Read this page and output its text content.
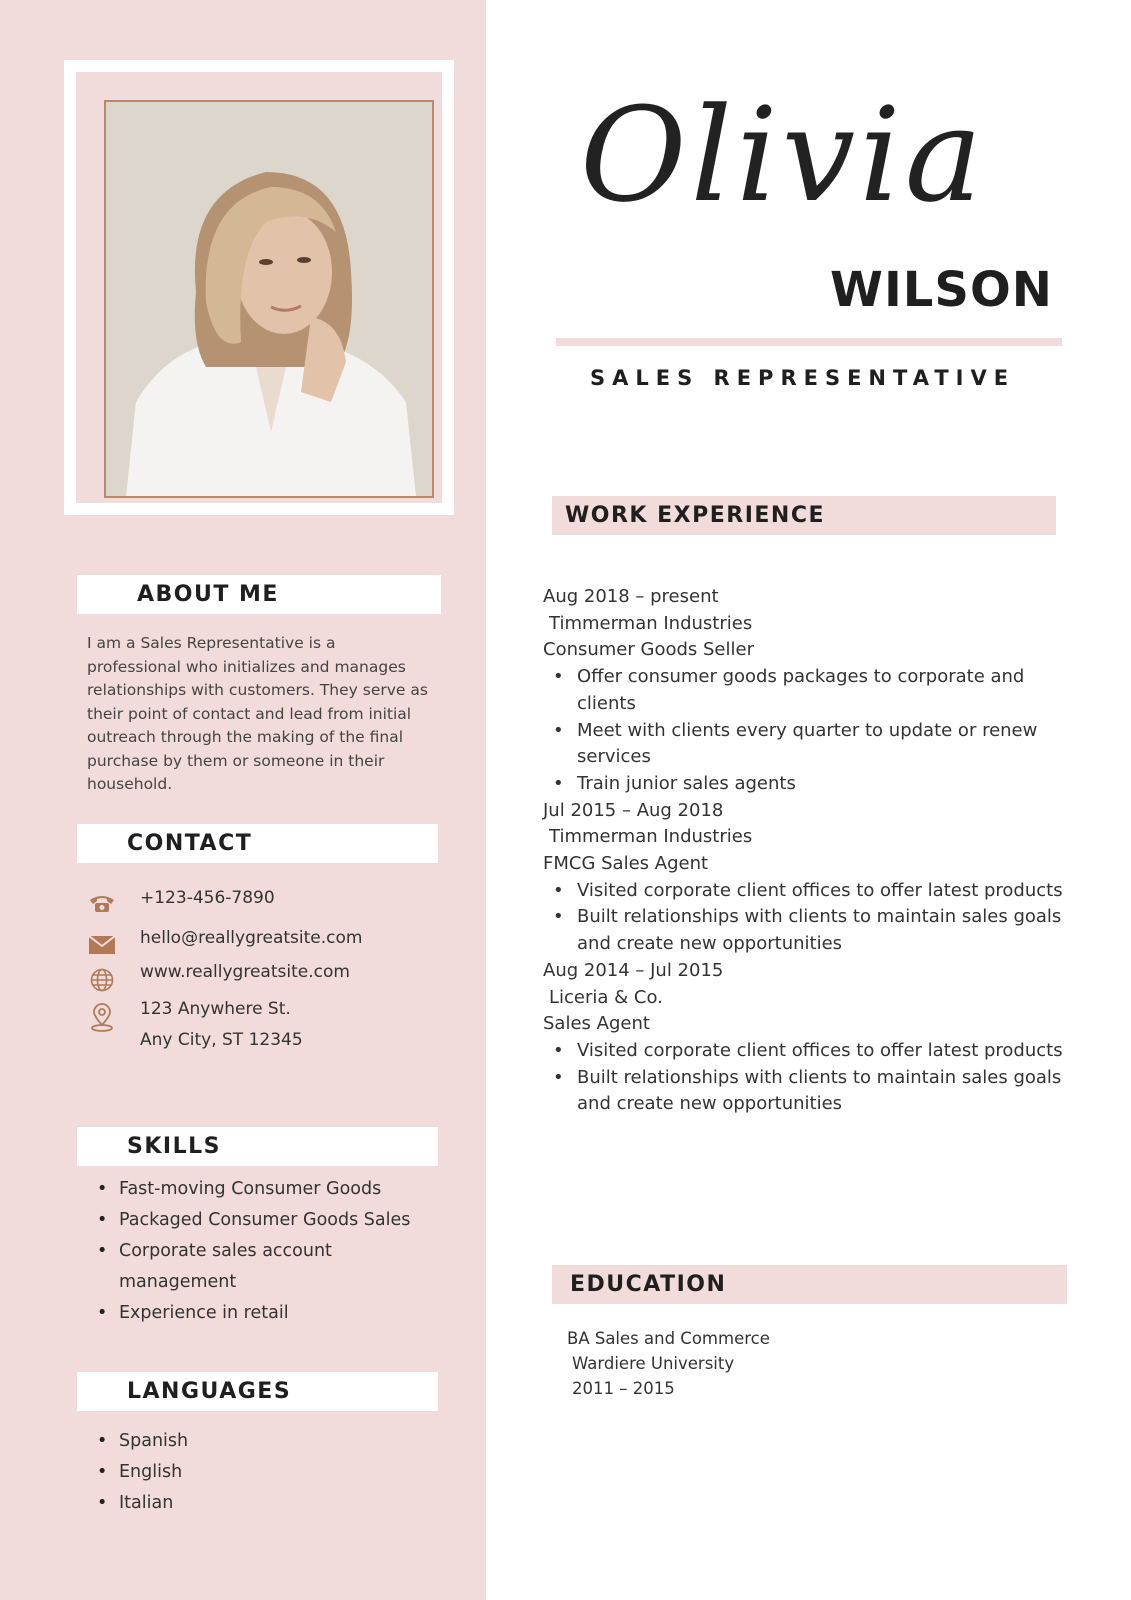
ABOUT ME
I am a Sales Representative is a professional who initializes and manages relationships with customers. They serve as their point of contact and lead from initial outreach through the making of the final purchase by them or someone in their household.
CONTACT
+123-456-7890
hello@reallygreatsite.com
www.reallygreatsite.com
123 Anywhere St.
Any City, ST 12345
SKILLS
• Fast-moving Consumer Goods
• Packaged Consumer Goods Sales
• Corporate sales account management
• Experience in retail
LANGUAGES
• Spanish
• English
• Italian
Olivia
WILSON
SALES REPRESENTATIVE
WORK EXPERIENCE
Aug 2018 – present
Timmerman Industries
Consumer Goods Seller
• Offer consumer goods packages to corporate and clients
• Meet with clients every quarter to update or renew services
• Train junior sales agents
Jul 2015 – Aug 2018
Timmerman Industries
FMCG Sales Agent
• Visited corporate client offices to offer latest products
• Built relationships with clients to maintain sales goals and create new opportunities
Aug 2014 – Jul 2015
Liceria & Co.
Sales Agent
• Visited corporate client offices to offer latest products
• Built relationships with clients to maintain sales goals and create new opportunities
EDUCATION
BA Sales and Commerce
Wardiere University
2011 – 2015
